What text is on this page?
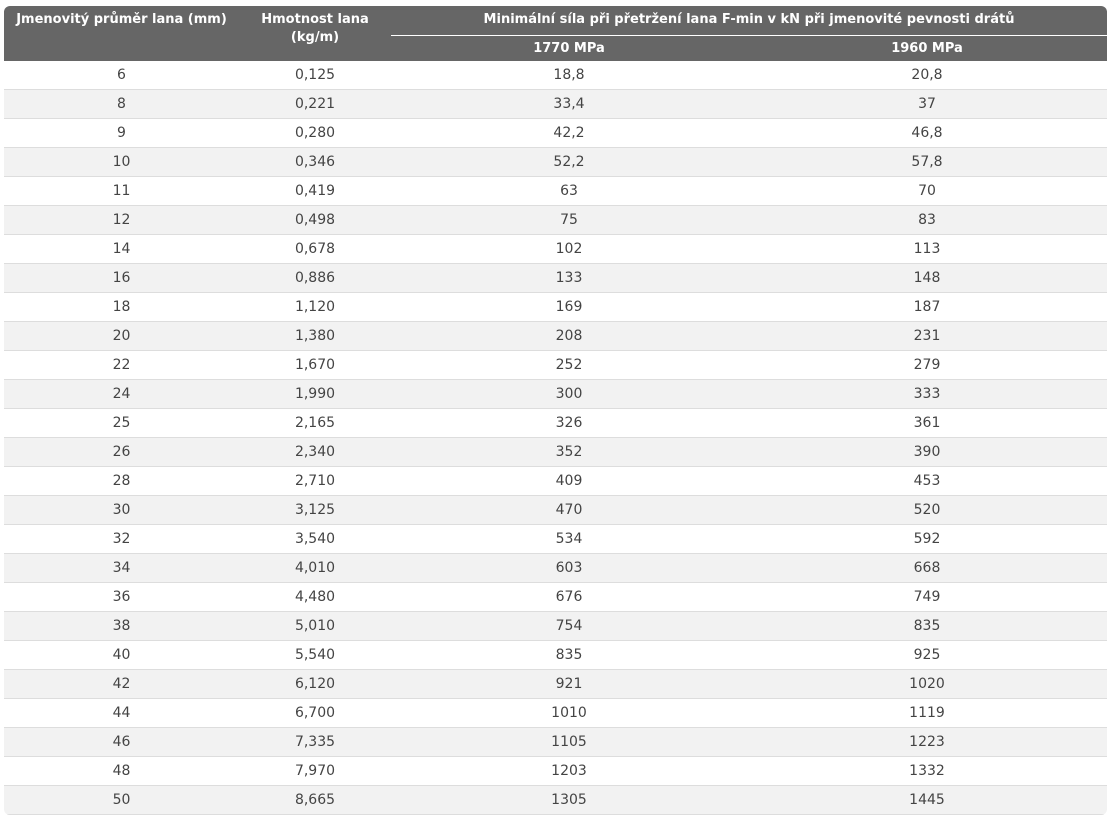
Jmenovitý průměr lana (mm)	Hmotnost lana (kg/m)	Minimální síla při přetržení lana F-min v kN při jmenovité pevnosti drátů	

		1770 MPa	1960 MPa
6	0,125	18,8	20,8
8	0,221	33,4	37
9	0,280	42,2	46,8
10	0,346	52,2	57,8
11	0,419	63	70
12	0,498	75	83
14	0,678	102	113
16	0,886	133	148
18	1,120	169	187
20	1,380	208	231
22	1,670	252	279
24	1,990	300	333
25	2,165	326	361
26	2,340	352	390
28	2,710	409	453
30	3,125	470	520
32	3,540	534	592
34	4,010	603	668
36	4,480	676	749
38	5,010	754	835
40	5,540	835	925
42	6,120	921	1020
44	6,700	1010	1119
46	7,335	1105	1223
48	7,970	1203	1332
50	8,665	1305	1445
